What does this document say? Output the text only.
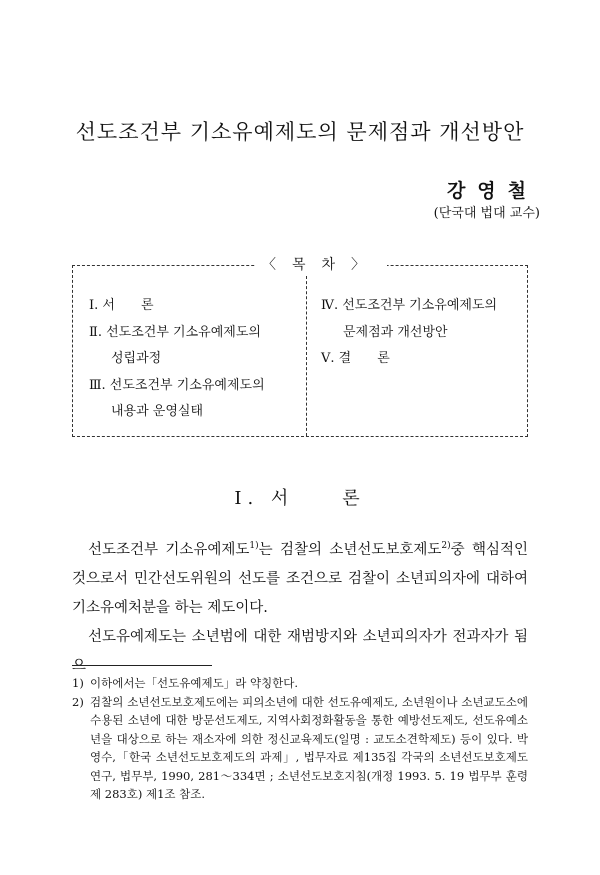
선도조건부 기소유예제도의 문제점과 개선방안
강영철
(단국대 법대 교수)
〈목차〉
Ⅰ. 서　　론
Ⅱ. 선도조건부 기소유예제도의
성립과정
Ⅲ. 선도조건부 기소유예제도의
내용과 운영실태
Ⅳ. 선도조건부 기소유예제도의
문제점과 개선방안
Ⅴ. 결　　론
Ⅰ. 서　　론

선도조건부 기소유예제도$^{1)}$는 검찰의 소년선도보호제도$^{2)}$중 핵심적인 것으로서 민간선도위원의 선도를 조건으로 검찰이 소년피의자에 대하여 기소유예처분을 하는 제도이다.

선도유예제도는 소년범에 대한 재범방지와 소년피의자가 전과자가 됨으

1) 이하에서는「선도유예제도」라 약칭한다.
2) 검찰의 소년선도보호제도에는 피의소년에 대한 선도유예제도, 소년원이나 소년교도소에 수용된 소년에 대한 방문선도제도, 지역사회정화활동을 통한 예방선도제도, 선도유예소년을 대상으로 하는 재소자에 의한 정신교육제도(일명 : 교도소견학제도) 등이 있다. 박영수,「한국 소년선도보호제도의 과제」, 법무자료 제135집 각국의 소년선도보호제도연구, 법무부, 1990, 281～334면 ; 소년선도보호지침(개정 1993. 5. 19 법무부 훈령 제 283호) 제1조 참조.
